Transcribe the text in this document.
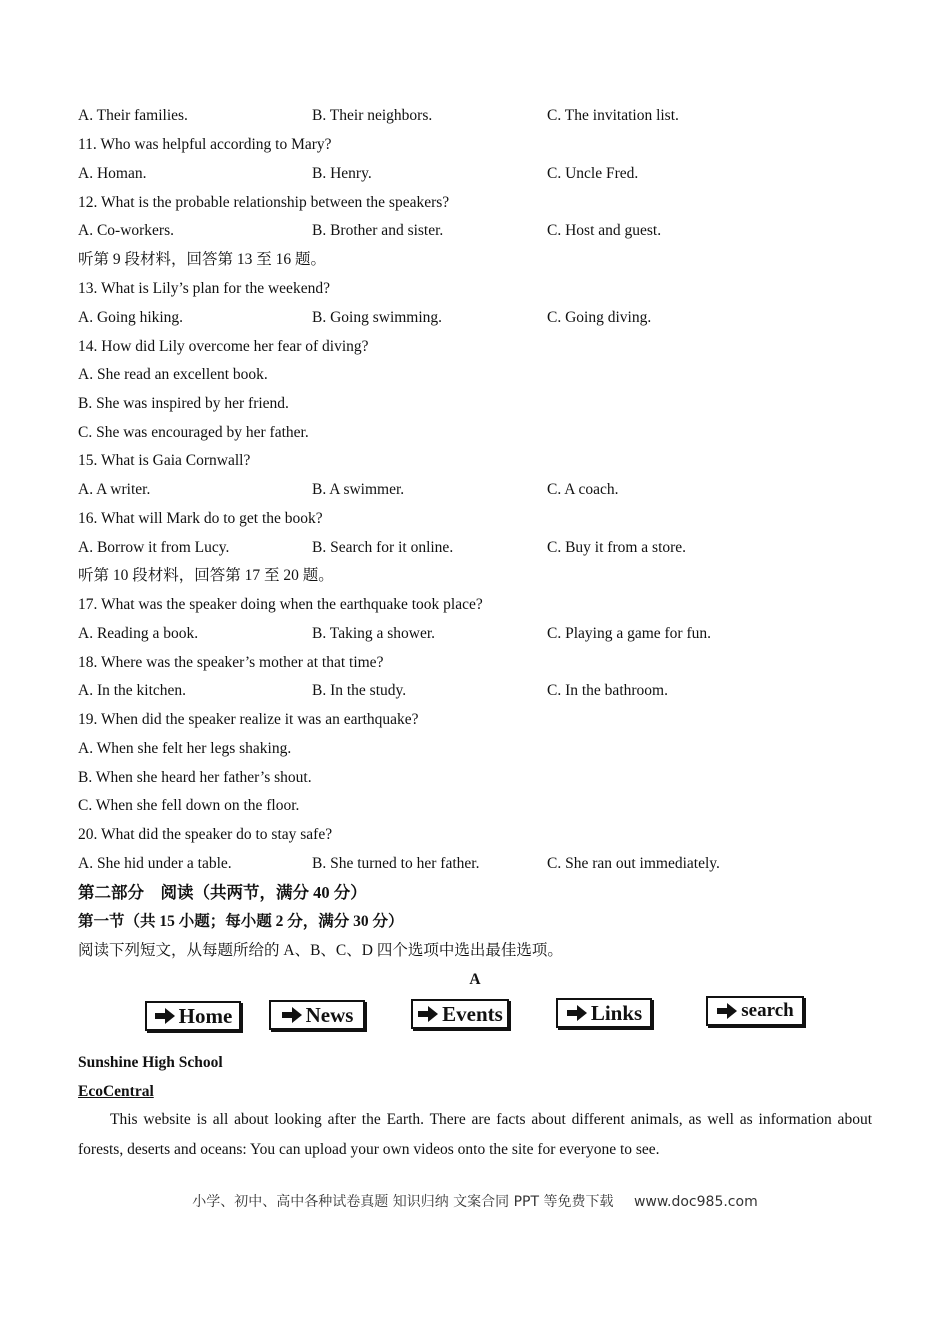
A. Their families.	B. Their neighbors.	C. The invitation list.
11. Who was helpful according to Mary?
A. Homan.	B. Henry.	C. Uncle Fred.
12. What is the probable relationship between the speakers?
A. Co-workers.	B. Brother and sister.	C. Host and guest.
听第 9 段材料，回答第 13 至 16 题。
13. What is Lily’s plan for the weekend?
A. Going hiking.	B. Going swimming.	C. Going diving.
14. How did Lily overcome her fear of diving?
A. She read an excellent book.
B. She was inspired by her friend.
C. She was encouraged by her father.
15. What is Gaia Cornwall?
A. A writer.	B. A swimmer.	C. A coach.
16. What will Mark do to get the book?
A. Borrow it from Lucy.	B. Search for it online.	C. Buy it from a store.
听第 10 段材料，回答第 17 至 20 题。
17. What was the speaker doing when the earthquake took place?
A. Reading a book.	B. Taking a shower.	C. Playing a game for fun.
18. Where was the speaker’s mother at that time?
A. In the kitchen.	B. In the study.	C. In the bathroom.
19. When did the speaker realize it was an earthquake?
A. When she felt her legs shaking.
B. When she heard her father’s shout.
C. When she fell down on the floor.
20. What did the speaker do to stay safe?
A. She hid under a table.	B. She turned to her father.	C. She ran out immediately.
第二部分　阅读（共两节，满分 40 分）
第一节（共 15 小题；每小题 2 分，满分 30 分）
阅读下列短文，从每题所给的 A、B、C、D 四个选项中选出最佳选项。
A
Home	News	Events	Links	search
Sunshine High School
EcoCentral
This website is all about looking after the Earth. There are facts about different animals, as well as information about forests, deserts and oceans: You can upload your own videos onto the site for everyone to see.
小学、初中、高中各种试卷真题 知识归纳 文案合同 PPT 等免费下载 www.doc985.com
